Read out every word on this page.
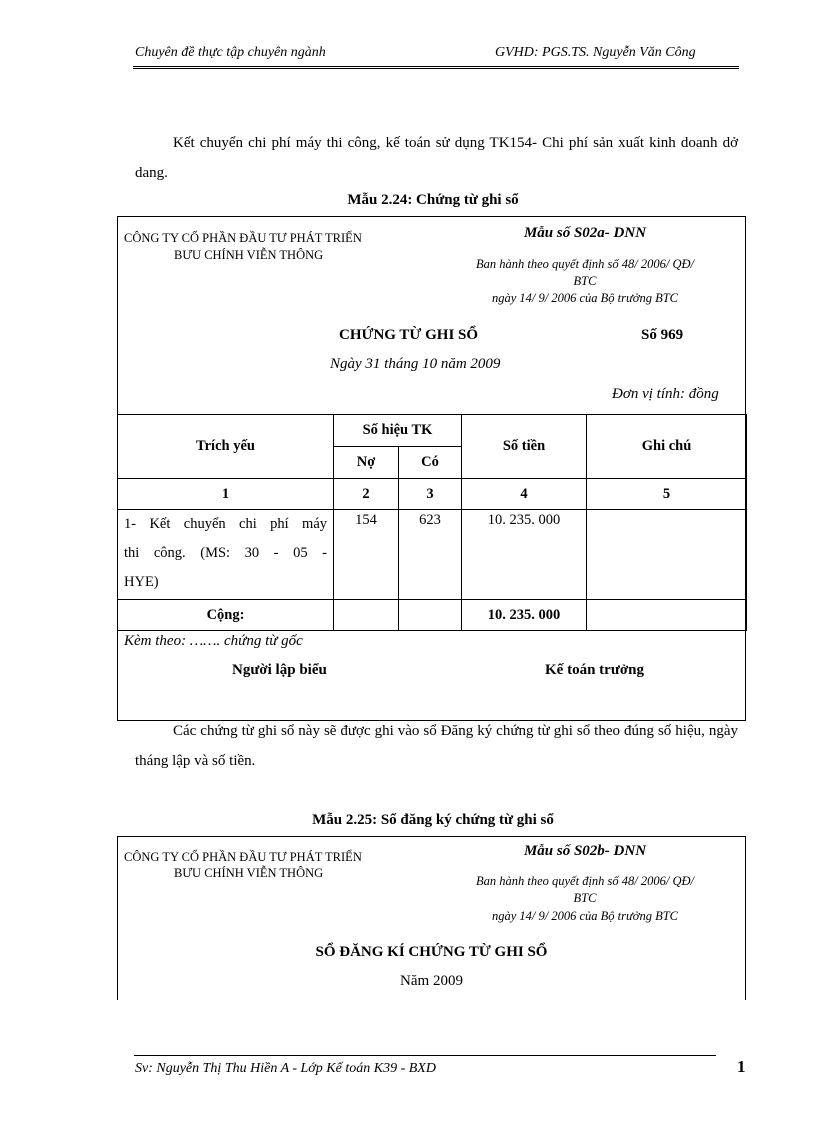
Chuyên đề thực tập chuyên ngành	GVHD: PGS.TS. Nguyễn Văn Công
Kết chuyển chi phí máy thi công, kế toán sử dụng TK154- Chi phí sản xuất kinh doanh dở dang.
Mẫu 2.24: Chứng từ ghi sổ
CÔNG TY CỔ PHẦN ĐẦU TƯ PHÁT TRIỂN
BƯU CHÍNH VIỄN THÔNG
Mẫu số S02a- DNN
Ban hành theo quyết định số 48/ 2006/ QĐ/
BTC
ngày 14/ 9/ 2006 của Bộ trưởng BTC
CHỨNG TỪ GHI SỔ	Số 969
Ngày 31 tháng 10 năm 2009
Đơn vị tính: đồng
Trích yếu	Số hiệu TK		Số tiền	Ghi chú
	Nợ	Có		
1	2	3	4	5

1- Kết chuyển chi phí máy
thi công. (MS: 30 - 05 -
HYE)	154	623	10. 235. 000	
Cộng:			10. 235. 000	
Kèm theo: ……. chứng từ gốc
Người lập biểu	Kế toán trưởng
Các chứng từ ghi sổ này sẽ được ghi vào sổ Đăng ký chứng từ ghi sổ theo đúng số hiệu, ngày tháng lập và số tiền.
Mẫu 2.25: Sổ đăng ký chứng từ ghi sổ
CÔNG TY CỔ PHẦN ĐẦU TƯ PHÁT TRIỂN
BƯU CHÍNH VIỄN THÔNG
Mẫu số S02b- DNN
Ban hành theo quyết định số 48/ 2006/ QĐ/
BTC
ngày 14/ 9/ 2006 của Bộ trưởng BTC
SỔ ĐĂNG KÍ CHỨNG TỪ GHI SỔ
Năm 2009
Sv: Nguyễn Thị Thu Hiền A - Lớp Kế toán K39 - BXD	1
